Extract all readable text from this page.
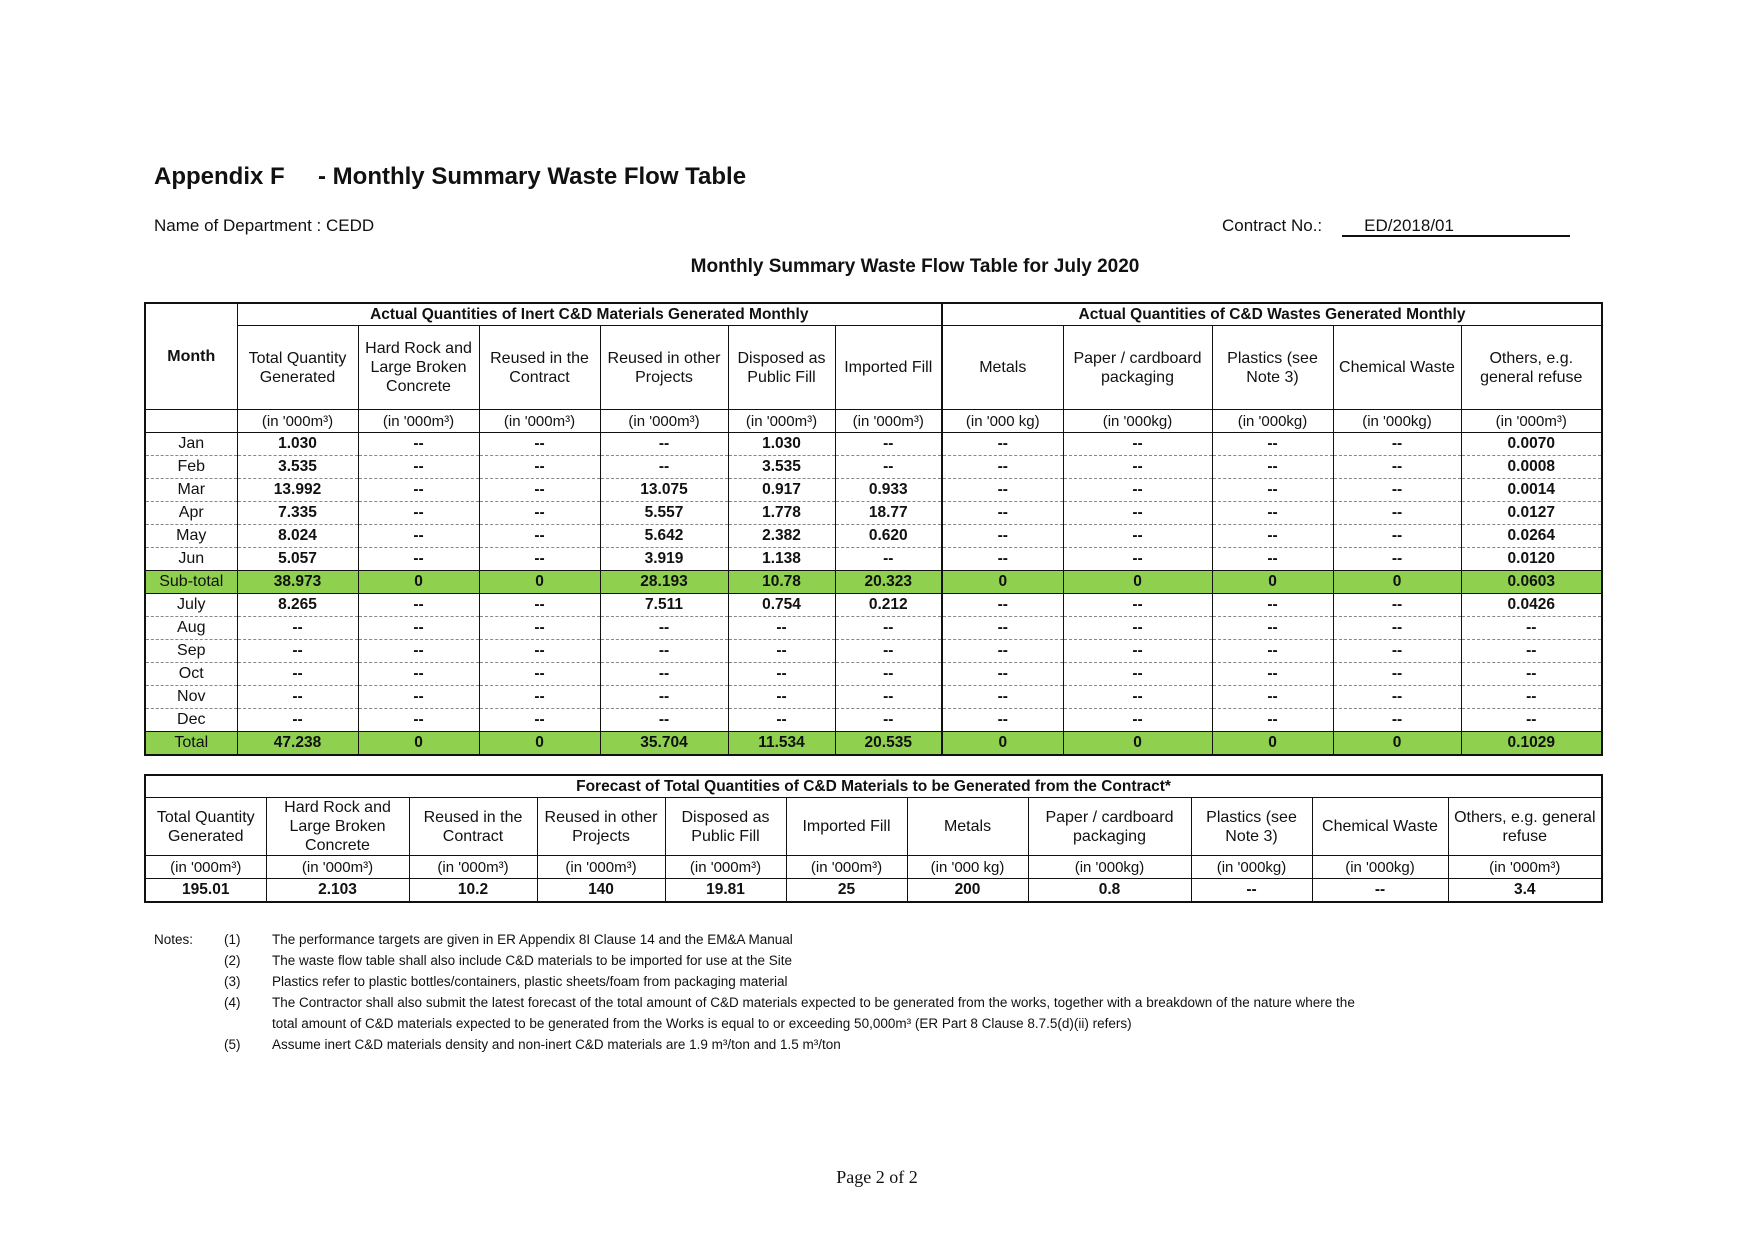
Appendix F     - Monthly Summary Waste Flow Table
Name of Department : CEDD	Contract No.: ED/2018/01
Monthly Summary Waste Flow Table for July 2020
Month	Actual Quantities of Inert C&D Materials Generated Monthly						Actual Quantities of C&D Wastes Generated Monthly				
	Total Quantity Generated	Hard Rock and Large Broken Concrete	Reused in the Contract	Reused in other Projects	Disposed as Public Fill	Imported Fill	Metals	Paper / cardboard packaging	Plastics (see Note 3)	Chemical Waste	Others, e.g. general refuse
	(in '000m³)	(in '000m³)	(in '000m³)	(in '000m³)	(in '000m³)	(in '000m³)	(in '000 kg)	(in '000kg)	(in '000kg)	(in '000kg)	(in '000m³)
Jan	1.030	--	--	--	1.030	--	--	--	--	--	0.0070
Feb	3.535	--	--	--	3.535	--	--	--	--	--	0.0008
Mar	13.992	--	--	13.075	0.917	0.933	--	--	--	--	0.0014
Apr	7.335	--	--	5.557	1.778	18.77	--	--	--	--	0.0127
May	8.024	--	--	5.642	2.382	0.620	--	--	--	--	0.0264
Jun	5.057	--	--	3.919	1.138	--	--	--	--	--	0.0120
Sub-total	38.973	0	0	28.193	10.78	20.323	0	0	0	0	0.0603
July	8.265	--	--	7.511	0.754	0.212	--	--	--	--	0.0426
Aug	--	--	--	--	--	--	--	--	--	--	--
Sep	--	--	--	--	--	--	--	--	--	--	--
Oct	--	--	--	--	--	--	--	--	--	--	--
Nov	--	--	--	--	--	--	--	--	--	--	--
Dec	--	--	--	--	--	--	--	--	--	--	--
Total	47.238	0	0	35.704	11.534	20.535	0	0	0	0	0.1029
Forecast of Total Quantities of C&D Materials to be Generated from the Contract*										
Total Quantity Generated	Hard Rock and Large Broken Concrete	Reused in the Contract	Reused in other Projects	Disposed as Public Fill	Imported Fill	Metals	Paper / cardboard packaging	Plastics (see Note 3)	Chemical Waste	Others, e.g. general refuse
(in '000m³)	(in '000m³)	(in '000m³)	(in '000m³)	(in '000m³)	(in '000m³)	(in '000 kg)	(in '000kg)	(in '000kg)	(in '000kg)	(in '000m³)
195.01	2.103	10.2	140	19.81	25	200	0.8	--	--	3.4
Notes: (1) The performance targets are given in ER Appendix 8I Clause 14 and the EM&A Manual
(2) The waste flow table shall also include C&D materials to be imported for use at the Site
(3) Plastics refer to plastic bottles/containers, plastic sheets/foam from packaging material
(4) The Contractor shall also submit the latest forecast of the total amount of C&D materials expected to be generated from the works, together with a breakdown of the nature where the
total amount of C&D materials expected to be generated from the Works is equal to or exceeding 50,000m³ (ER Part 8 Clause 8.7.5(d)(ii) refers)
(5) Assume inert C&D materials density and non-inert C&D materials are 1.9 m³/ton and 1.5 m³/ton
Page 2 of 2
